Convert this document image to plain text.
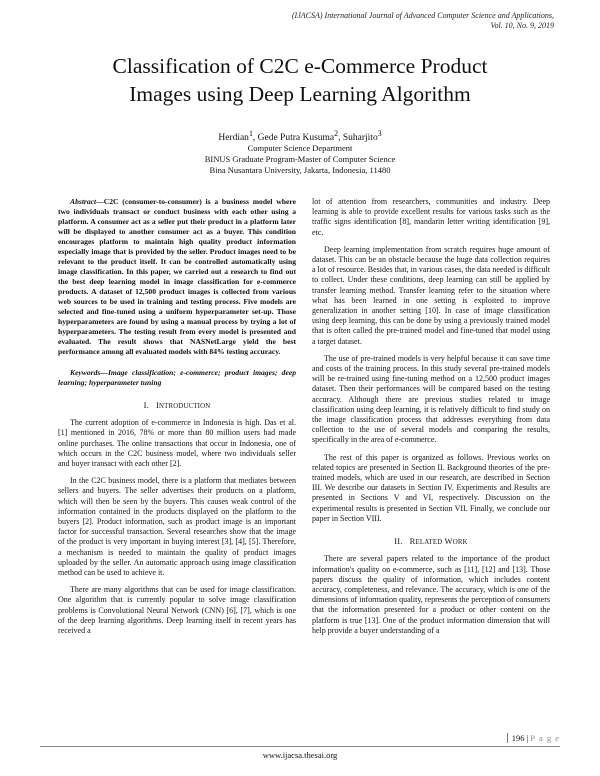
(IJACSA) International Journal of Advanced Computer Science and Applications,
Vol. 10, No. 9, 2019
Classification of C2C e-Commerce Product
Images using Deep Learning Algorithm
Herdian$^1$, Gede Putra Kusuma$^2$, Suharjito$^3$
Computer Science Department
BINUS Graduate Program-Master of Computer Science
Bina Nusantara University, Jakarta, Indonesia, 11480
Abstract—C2C (consumer-to-consumer) is a business model where two individuals transact or conduct business with each other using a platform. A consumer act as a seller put their product in a platform later will be displayed to another consumer act as a buyer. This condition encourages platform to maintain high quality product information especially image that is provided by the seller. Product images need to be relevant to the product itself. It can be controlled automatically using image classification. In this paper, we carried out a research to find out the best deep learning model in image classification for e-commerce products. A dataset of 12,500 product images is collected from various web sources to be used in training and testing process. Five models are selected and fine-tuned using a uniform hyperparameter set-up. Those hyperparameters are found by using a manual process by trying a lot of hyperparameters. The testing result from every model is presented and evaluated. The result shows that NASNetLarge yield the best performance among all evaluated models with 84% testing accuracy.
Keywords—Image classification; e-commerce; product images; deep learning; hyperparameter tuning
I. INTRODUCTION

The current adoption of e-commerce in Indonesia is high. Das et al. [1] mentioned in 2016, 78% or more than 80 million users had made online purchases. The online transactions that occur in Indonesia, one of which occurs in the C2C business model, where two individuals seller and buyer transact with each other [2].

In the C2C business model, there is a platform that mediates between sellers and buyers. The seller advertises their products on a platform, which will then be seen by the buyers. This causes weak control of the information contained in the products displayed on the platform to the buyers [2]. Product information, such as product image is an important factor for successful transaction. Several researches show that the image of the product is very important in buying interest [3], [4], [5]. Therefore, a mechanism is needed to maintain the quality of product images uploaded by the seller. An automatic approach using image classification method can be used to achieve it.

There are many algorithms that can be used for image classification. One algorithm that is currently popular to solve image classification problems is Convolutional Neural Network (CNN) [6], [7], which is one of the deep learning algorithms. Deep learning itself in recent years has received a

lot of attention from researchers, communities and industry. Deep learning is able to provide excellent results for various tasks such as the traffic signs identification [8], mandarin letter writing identification [9], etc.

Deep learning implementation from scratch requires huge amount of dataset. This can be an obstacle because the huge data collection requires a lot of resource. Besides that, in various cases, the data needed is difficult to collect. Under these conditions, deep learning can still be applied by transfer learning method. Transfer learning refer to the situation where what has been learned in one setting is exploited to improve generalization in another setting [10]. In case of image classification using deep learning, this can be done by using a previously trained model that is often called the pre-trained model and fine-tuned that model using a target dataset.

The use of pre-trained models is very helpful because it can save time and costs of the training process. In this study several pre-trained models will be re-trained using fine-tuning method on a 12,500 product images dataset. Then their performances will be compared based on the testing accuracy. Although there are previous studies related to image classification using deep learning, it is relatively difficult to find study on the image classification process that addresses everything from data collection to the use of several models and comparing the results, specifically in the area of e-commerce.

The rest of this paper is organized as follows. Previous works on related topics are presented in Section II. Background theories of the pre-trained models, which are used in our research, are described in Section III. We describe our datasets in Section IV. Experiments and Results are presented in Sections V and VI, respectively. Discussion on the experimental results is presented in Section VII. Finally, we conclude our paper in Section VIII.

II. RELATED WORK

There are several papers related to the importance of the product information's quality on e-commerce, such as [11], [12] and [13]. Those papers discuss the quality of information, which includes content accuracy, completeness, and relevance. The accuracy, which is one of the dimensions of information quality, represents the perception of consumers that the information presented for a product or other content on the platform is true [13]. One of the product information dimension that will help provide a buyer understanding of a

196 | P a g e
www.ijacsa.thesai.org
